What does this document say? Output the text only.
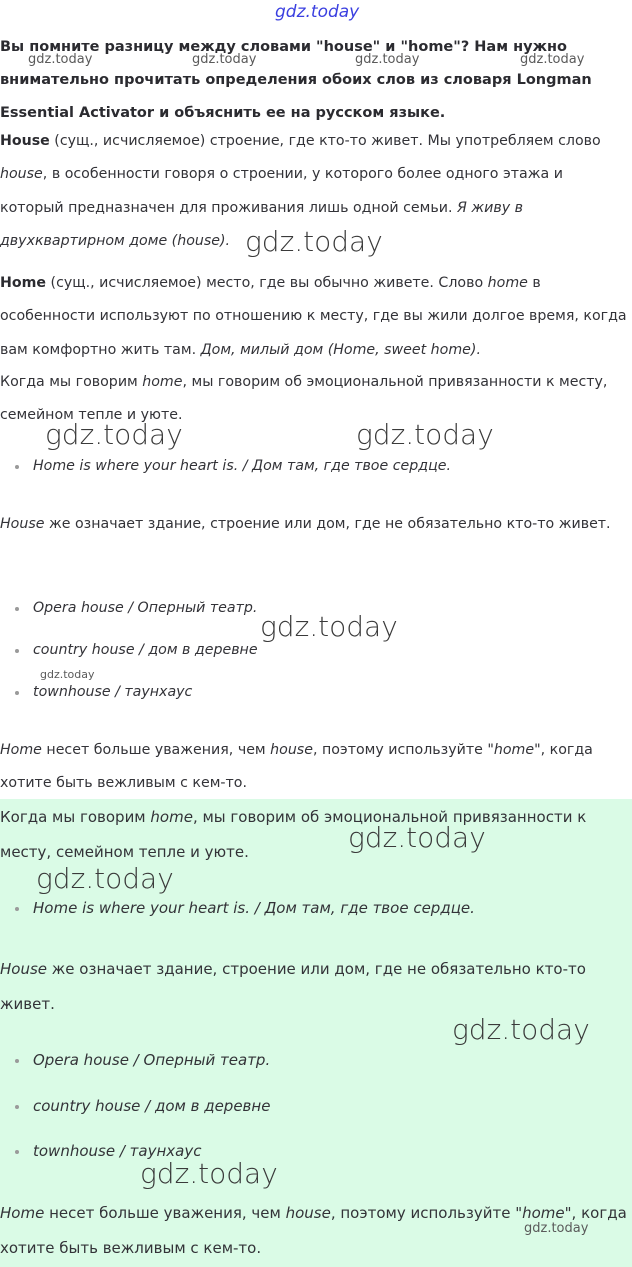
Вы помните разницу между словами "house" и "home"? Нам нужно внимательно прочитать определения обоих слов из словаря Longman Essential Activator и объяснить ее на русском языке.

House (сущ., исчисляемое) строение, где кто-то живет. Мы употребляем слово house, в особенности говоря о строении, у которого более одного этажа и который предназначен для проживания лишь одной семьи. Я живу в двухквартирном доме (house).

Home (сущ., исчисляемое) место, где вы обычно живете. Слово home в особенности используют по отношению к месту, где вы жили долгое время, когда вам комфортно жить там. Дом, милый дом (Home, sweet home).

Когда мы говорим home, мы говорим об эмоциональной привязанности к месту, семейном тепле и уюте.

Home is where your heart is. / Дом там, где твое сердце.

House же означает здание, строение или дом, где не обязательно кто-то живет.

Opera house / Оперный театр.

country house / дом в деревне

townhouse / таунхаус

Home несет больше уважения, чем house, поэтому используйте "home", когда хотите быть вежливым с кем-то.

Когда мы говорим home, мы говорим об эмоциональной привязанности к месту, семейном тепле и уюте.

Home is where your heart is. / Дом там, где твое сердце.

House же означает здание, строение или дом, где не обязательно кто-то живет.

Opera house / Оперный театр.

country house / дом в деревне

townhouse / таунхаус

Home несет больше уважения, чем house, поэтому используйте "home", когда хотите быть вежливым с кем-то.

gdz.today
gdz.today	gdz.today	gdz.today	gdz.today
gdz.today
gdz.today	gdz.today
gdz.today
gdz.today
gdz.today
gdz.today
gdz.today
gdz.today
gdz.today
